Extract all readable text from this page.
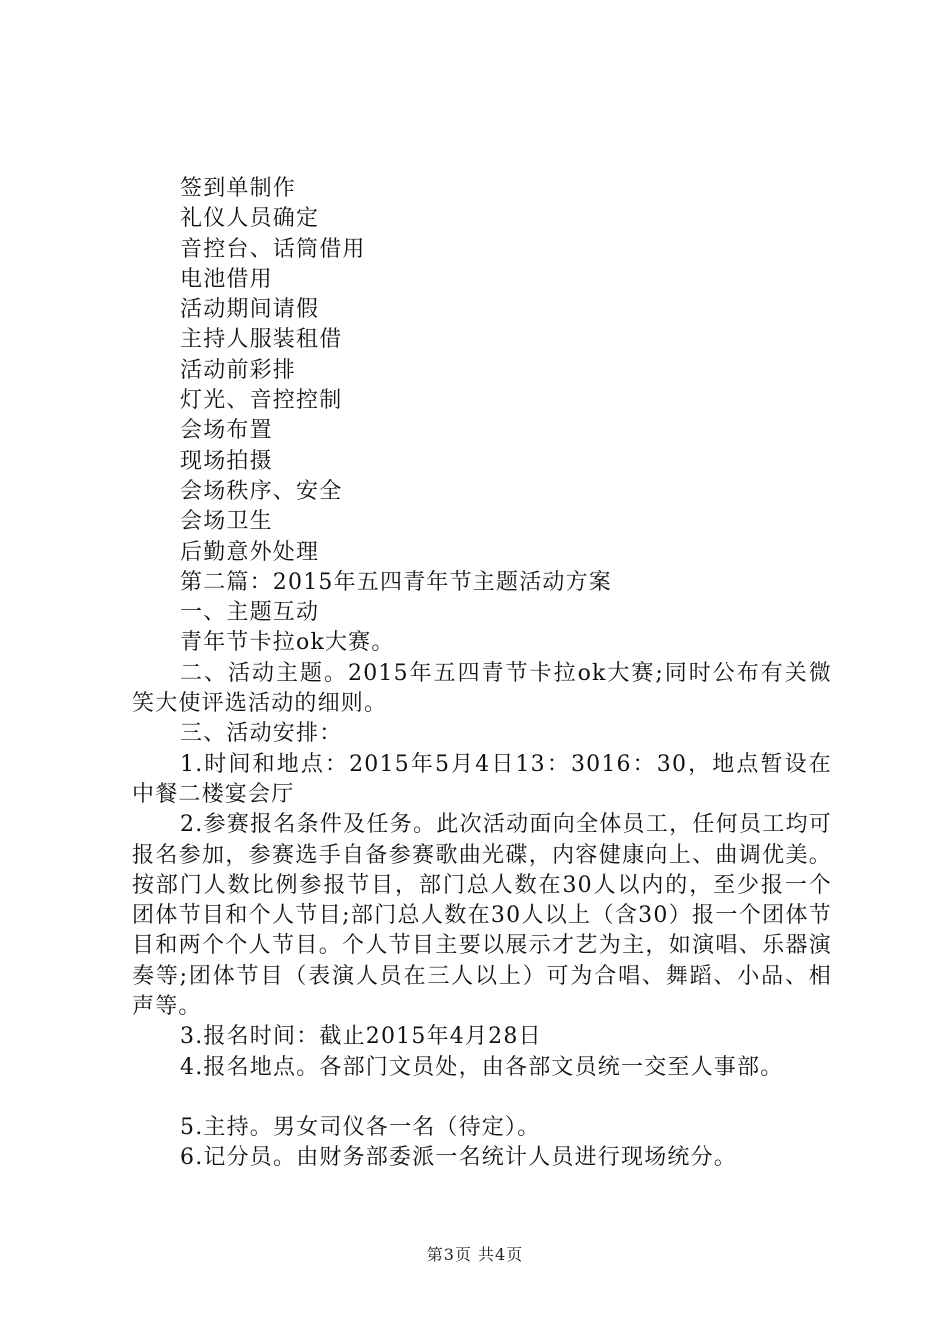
签到单制作
礼仪人员确定
音控台、话筒借用
电池借用
活动期间请假
主持人服装租借
活动前彩排
灯光、音控控制
会场布置
现场拍摄
会场秩序、安全
会场卫生
后勤意外处理
第二篇：2015年五四青年节主题活动方案
一、主题互动
青年节卡拉ok大赛。
二、活动主题。2015年五四青节卡拉ok大赛;同时公布有关微笑大使评选活动的细则。
三、活动安排：
1.时间和地点：2015年5月4日13：3016：30，地点暂设在中餐二楼宴会厅
2.参赛报名条件及任务。此次活动面向全体员工，任何员工均可报名参加，参赛选手自备参赛歌曲光碟，内容健康向上、曲调优美。按部门人数比例参报节目，部门总人数在30人以内的，至少报一个团体节目和个人节目;部门总人数在30人以上（含30）报一个团体节目和两个个人节目。个人节目主要以展示才艺为主，如演唱、乐器演奏等;团体节目（表演人员在三人以上）可为合唱、舞蹈、小品、相声等。
3.报名时间：截止2015年4月28日
4.报名地点。各部门文员处，由各部文员统一交至人事部。
5.主持。男女司仪各一名（待定）。
6.记分员。由财务部委派一名统计人员进行现场统分。
第3页 共4页
